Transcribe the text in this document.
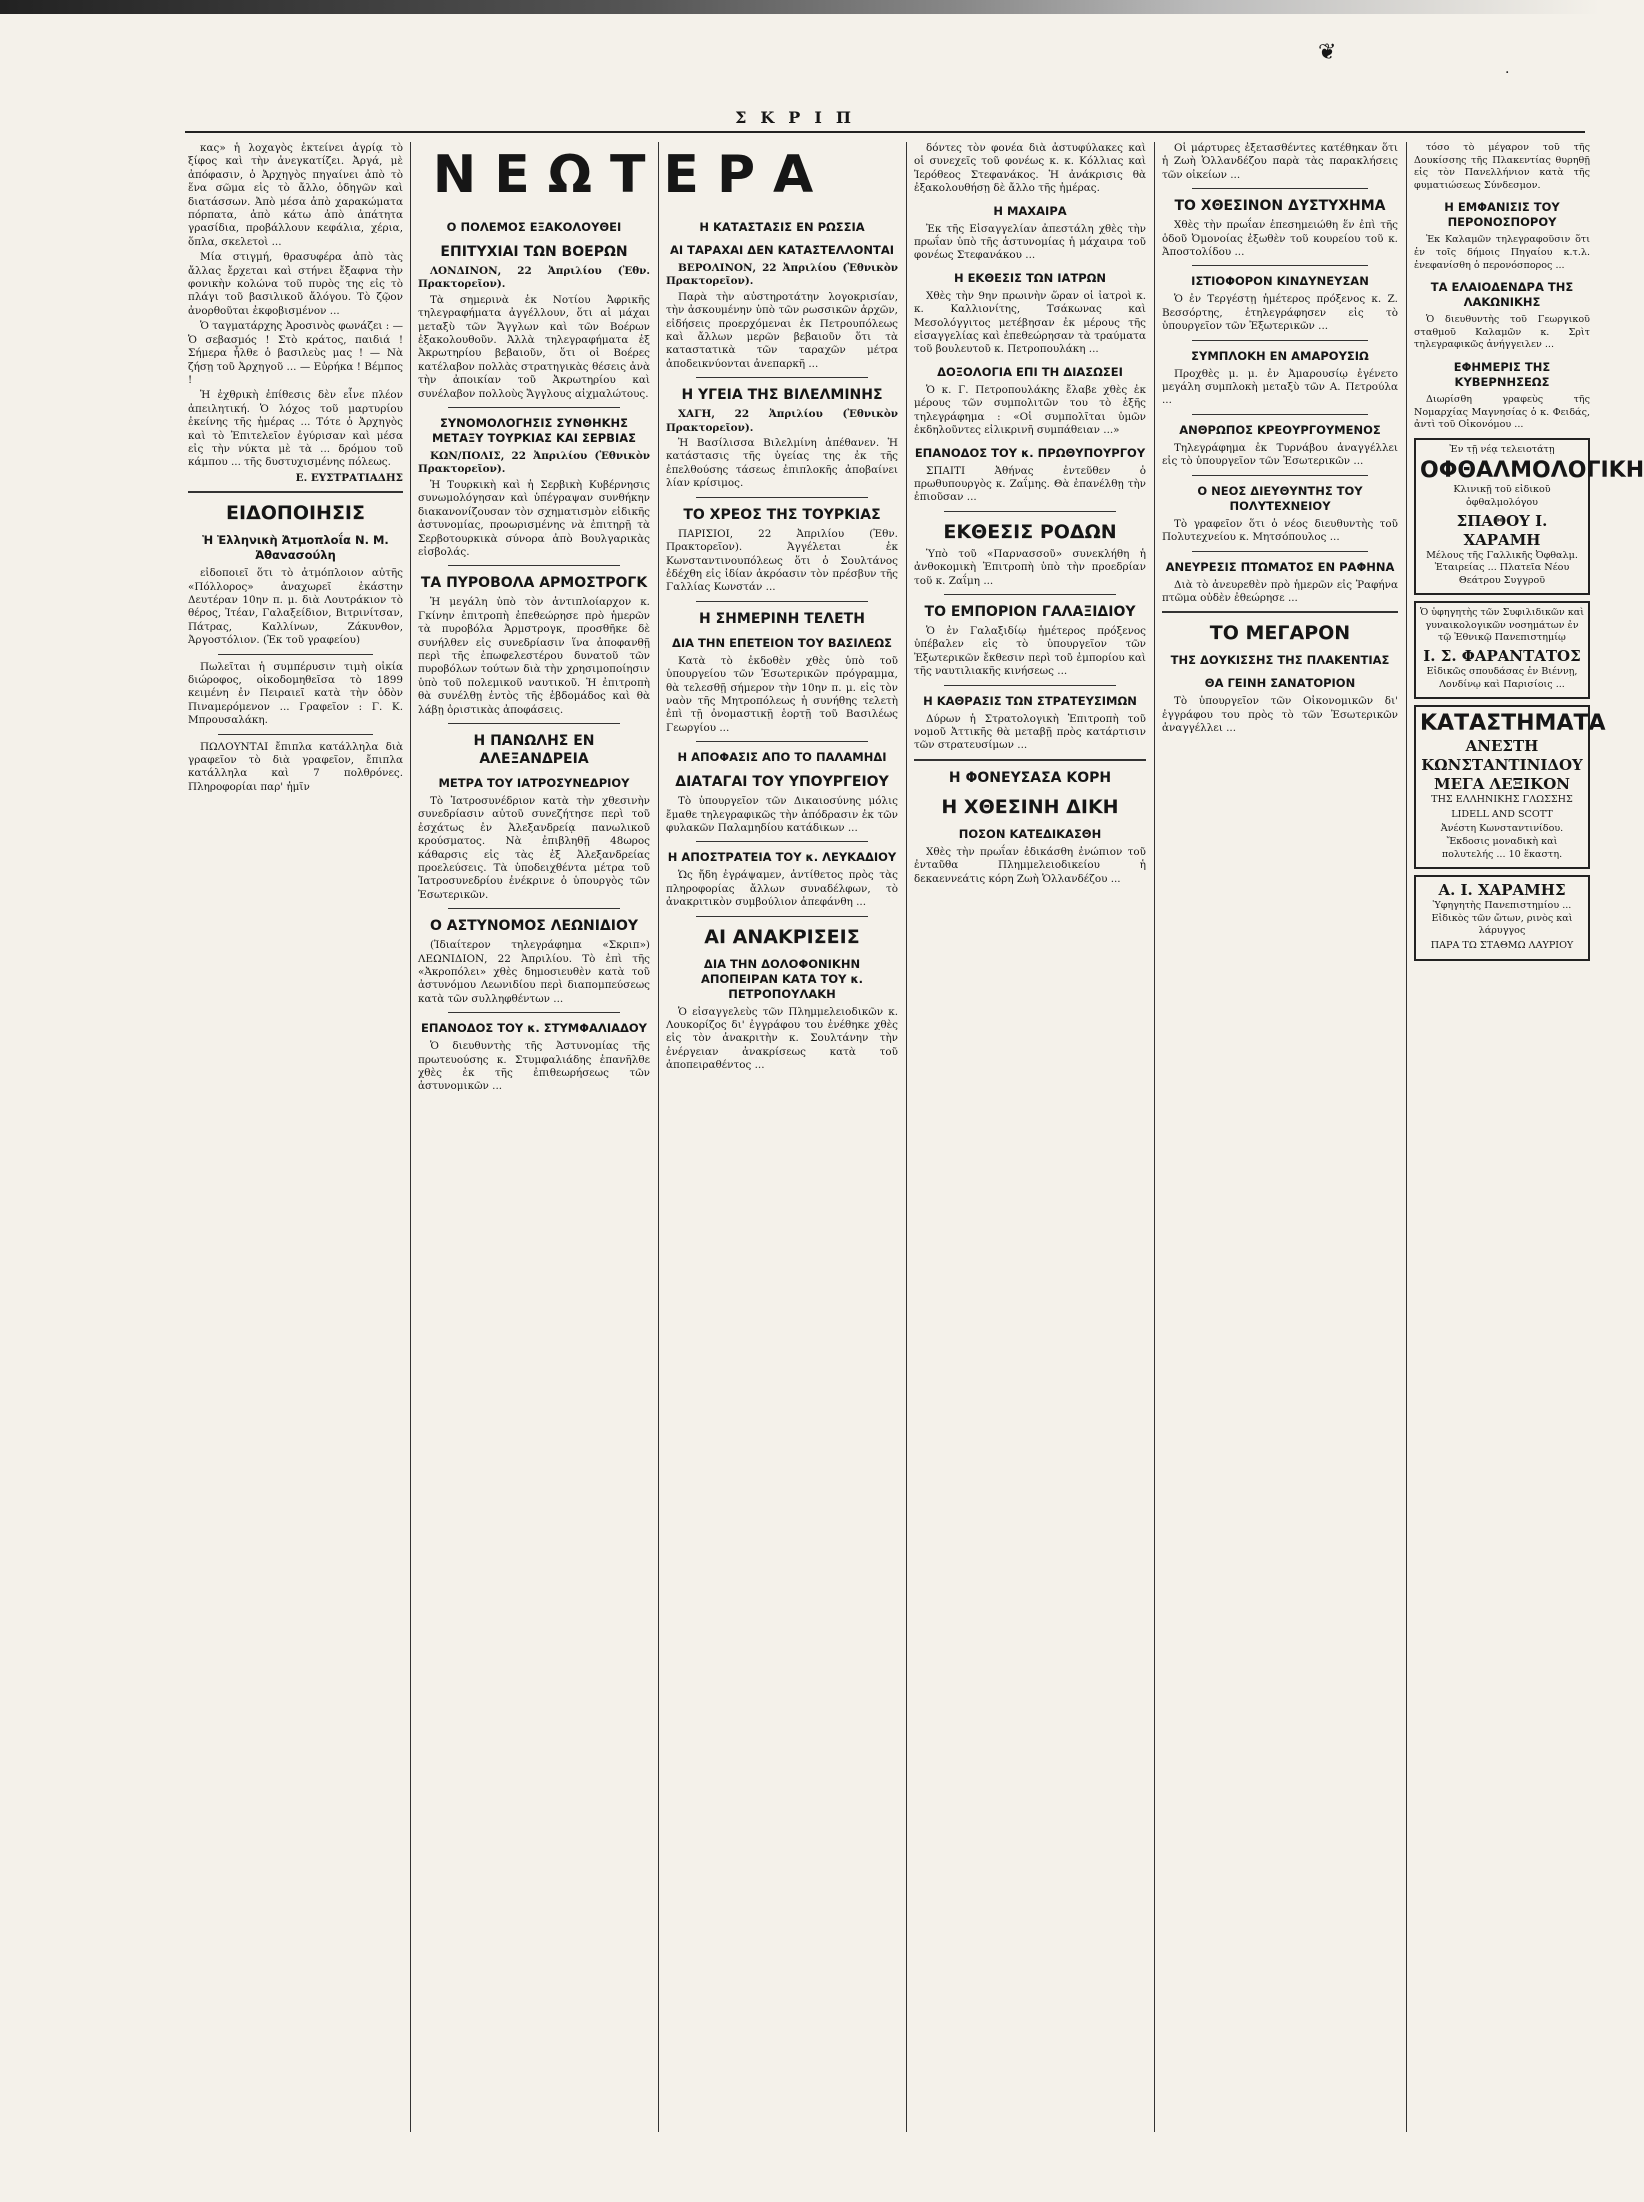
❦
·
ΣΚΡΙΠ
ΝΕΩΤΕΡΑ

κας» ἡ λοχαγὸς ἐκτείνει ἀγρίᾳ τὸ ξίφος καὶ τὴν ἀνεγκατίζει. Ἀργά, μὲ ἀπόφασιν, ὁ Ἀρχηγὸς πηγαίνει ἀπὸ τὸ ἕνα σῶμα εἰς τὸ ἄλλο, ὁδηγῶν καὶ διατάσσων. Ἀπὸ μέσα ἀπὸ χαρακώματα πόρπατα, ἀπὸ κάτω ἀπὸ ἀπάτητα γρασίδια, προβάλλουν κεφάλια, χέρια, ὅπλα, σκελετοὶ ...

Μία στιγμή, θρασυφέρα ἀπὸ τὰς ἄλλας ἔρχεται καὶ στήνει ἔξαφνα τὴν φονικὴν κολώνα τοῦ πυρὸς της εἰς τὸ πλάγι τοῦ βασιλικοῦ ἄλόγου. Τὸ ζῷον ἀνορθοῦται ἐκφοβισμένον ...

Ὁ ταγματάρχης Ἀροσινὸς φωνάζει : — Ὁ σεβασμός ! Στὸ κράτος, παιδιά ! Σήμερα ἦλθε ὁ βασιλεὺς μας ! — Νὰ ζήσῃ τοῦ Ἀρχηγοῦ ... — Εὐρήκα ! Βέμπος !

Ἡ ἐχθρικὴ ἐπίθεσις δὲν εἶνε πλέον ἀπειλητική. Ὁ λόχος τοῦ μαρτυρίου ἐκείνης τῆς ἡμέρας ... Τότε ὁ Ἀρχηγὸς καὶ τὸ Ἐπιτελεῖον ἐγύρισαν καὶ μέσα εἰς τὴν νύκτα μὲ τὰ ... δρόμου τοῦ κάμπου ... τῆς δυστυχισμένης πόλεως.

Ε. ΕΥΣΤΡΑΤΙΑΔΗΣ

ΕΙΔΟΠΟΙΗΣΙΣ
Ἡ Ἑλληνικὴ Ἀτμοπλοΐα Ν. Μ. Ἀθανασούλη

εἰδοποιεῖ ὅτι τὸ ἀτμόπλοιον αὐτῆς «Πόλλορος» ἀναχωρεῖ ἑκάστην Δευτέραν 10ην π. μ. διὰ Λουτράκιον τὸ θέρος, Ἰτέαν, Γαλαξείδιον, Βιτρινίτσαν, Πάτρας, Καλλίνων, Ζάκυνθον, Ἀργοστόλιον. (Ἐκ τοῦ γραφείου)

Πωλεῖται ἡ συμπέρυσιν τιμὴ οἰκία διώροφος, οἰκοδομηθεῖσα τὸ 1899 κειμένη ἐν Πειραιεῖ κατὰ τὴν ὁδὸν Πιναμερόμενον ... Γραφεῖον : Γ. Κ. Μπρουσαλάκη.

ΠΩΛΟΥΝΤΑΙ ἔπιπλα κατάλληλα διὰ γραφεῖον τὸ διὰ γραφεῖον, ἔπιπλα κατάλληλα καὶ 7 πολθρόνες. Πληροφορίαι παρ' ἡμῖν

Ο ΠΟΛΕΜΟΣ ΕΞΑΚΟΛΟΥΘΕΙ
ΕΠΙΤΥΧΙΑΙ ΤΩΝ ΒΟΕΡΩΝ

ΛΟΝΔΙΝΟΝ, 22 Ἀπριλίου (Ἐθν. Πρακτορεῖον).

Τὰ σημερινὰ ἐκ Νοτίου Ἀφρικῆς τηλεγραφήματα ἀγγέλλουν, ὅτι αἱ μάχαι μεταξὺ τῶν Ἄγγλων καὶ τῶν Βοέρων ἐξακολουθοῦν. Ἀλλὰ τηλεγραφήματα ἐξ Ἀκρωτηρίου βεβαιοῦν, ὅτι οἱ Βοέρες κατέλαβον πολλὰς στρατηγικὰς θέσεις ἀνὰ τὴν ἀποικίαν τοῦ Ἀκρωτηρίου καὶ συνέλαβον πολλοὺς Ἄγγλους αἰχμαλώτους.

ΣΥΝΟΜΟΛΟΓΗΣΙΣ ΣΥΝΘΗΚΗΣ ΜΕΤΑΞΥ ΤΟΥΡΚΙΑΣ ΚΑΙ ΣΕΡΒΙΑΣ

ΚΩΝ/ΠΟΛΙΣ, 22 Ἀπριλίου (Ἐθνικὸν Πρακτορεῖον).

Ἡ Τουρκικὴ καὶ ἡ Σερβικὴ Κυβέρνησις συνωμολόγησαν καὶ ὑπέγραψαν συνθήκην διακανονίζουσαν τὸν σχηματισμὸν εἰδικῆς ἀστυνομίας, προωρισμένης νὰ ἐπιτηρῇ τὰ Σερβοτουρκικὰ σύνορα ἀπὸ Βουλγαρικὰς εἰσβολάς.

ΤΑ ΠΥΡΟΒΟΛΑ ΑΡΜΟΣΤΡΟΓΚ

Ἡ μεγάλη ὑπὸ τὸν ἀντιπλοίαρχον κ. Γκίνην ἐπιτροπὴ ἐπεθεώρησε πρὸ ἡμερῶν τὰ πυροβόλα Ἀρμστρογκ, προσθῆκε δὲ συνήλθεν εἰς συνεδρίασιν ἵνα ἀποφανθῇ περὶ τῆς ἐπωφελεστέρου δυνατοῦ τῶν πυροβόλων τούτων διὰ τὴν χρησιμοποίησιν ὑπὸ τοῦ πολεμικοῦ ναυτικοῦ. Ἡ ἐπιτροπὴ θὰ συνέλθῃ ἐντὸς τῆς ἑβδομάδος καὶ θὰ λάβῃ ὁριστικὰς ἀποφάσεις.

Η ΠΑΝΩΛΗΣ ΕΝ ΑΛΕΞΑΝΔΡΕΙΑ
ΜΕΤΡΑ ΤΟΥ ΙΑΤΡΟΣΥΝΕΔΡΙΟΥ

Τὸ Ἰατροσυνέδριον κατὰ τὴν χθεσινὴν συνεδρίασιν αὐτοῦ συνεζήτησε περὶ τοῦ ἐσχάτως ἐν Ἀλεξανδρείᾳ πανωλικοῦ κρούσματος. Νὰ ἐπιβληθῇ 48ωρος κάθαρσις εἰς τὰς ἐξ Ἀλεξανδρείας προελεύσεις. Τὰ ὑποδειχθέντα μέτρα τοῦ Ἰατροσυνεδρίου ἐνέκρινε ὁ ὑπουργὸς τῶν Ἐσωτερικῶν.

Ο ΑΣΤΥΝΟΜΟΣ ΛΕΩΝΙΔΙΟΥ

(Ἰδιαίτερον τηλεγράφημα «Σκριπ») ΛΕΩΝΙΔΙΟΝ, 22 Ἀπριλίου. Τὸ ἐπὶ τῆς «Ἀκροπόλει» χθὲς δημοσιευθὲν κατὰ τοῦ ἀστυνόμου Λεωνιδίου περὶ διαπομπεύσεως κατὰ τῶν συλληφθέντων ...

ΕΠΑΝΟΔΟΣ ΤΟΥ κ. ΣΤΥΜΦΑΛΙΑΔΟΥ

Ὁ διευθυντὴς τῆς Ἀστυνομίας τῆς πρωτευούσης κ. Στυμφαλιάδης ἐπανῆλθε χθὲς ἐκ τῆς ἐπιθεωρήσεως τῶν ἀστυνομικῶν ...

Η ΚΑΤΑΣΤΑΣΙΣ ΕΝ ΡΩΣΣΙΑ
ΑΙ ΤΑΡΑΧΑΙ ΔΕΝ ΚΑΤΑΣΤΕΛΛΟΝΤΑΙ

ΒΕΡΟΛΙΝΟΝ, 22 Ἀπριλίου (Ἐθνικὸν Πρακτορεῖον).

Παρὰ τὴν αὐστηροτάτην λογοκρισίαν, τὴν ἀσκουμένην ὑπὸ τῶν ρωσσικῶν ἀρχῶν, εἰδήσεις προερχόμεναι ἐκ Πετρουπόλεως καὶ ἄλλων μερῶν βεβαιοῦν ὅτι τὰ καταστατικὰ τῶν ταραχῶν μέτρα ἀποδεικνύονται ἀνεπαρκῆ ...

Η ΥΓΕΙΑ ΤΗΣ ΒΙΛΕΛΜΙΝΗΣ

ΧΑΓΗ, 22 Ἀπριλίου (Ἐθνικὸν Πρακτορεῖον).

Ἡ Βασίλισσα Βιλελμίνη ἀπέθανεν. Ἡ κατάστασις τῆς ὑγείας της ἐκ τῆς ἐπελθούσης τάσεως ἐπιπλοκῆς ἀποβαίνει λίαν κρίσιμος.

ΤΟ ΧΡΕΟΣ ΤΗΣ ΤΟΥΡΚΙΑΣ

ΠΑΡΙΣΙΟΙ, 22 Ἀπριλίου (Ἐθν. Πρακτορεῖον). Ἀγγέλεται ἐκ Κωνσταντινουπόλεως ὅτι ὁ Σουλτάνος ἐδέχθη εἰς ἰδίαν ἀκρόασιν τὸν πρέσβυν τῆς Γαλλίας Κωνστάν ...

Η ΣΗΜΕΡΙΝΗ ΤΕΛΕΤΗ
ΔΙΑ ΤΗΝ ΕΠΕΤΕΙΟΝ ΤΟΥ ΒΑΣΙΛΕΩΣ

Κατὰ τὸ ἐκδοθὲν χθὲς ὑπὸ τοῦ ὑπουργείου τῶν Ἐσωτερικῶν πρόγραμμα, θὰ τελεσθῇ σήμερον τὴν 10ην π. μ. εἰς τὸν ναὸν τῆς Μητροπόλεως ἡ συνήθης τελετὴ ἐπὶ τῇ ὀνομαστικῇ ἑορτῇ τοῦ Βασιλέως Γεωργίου ...

Η ΑΠΟΦΑΣΙΣ ΑΠΟ ΤΟ ΠΑΛΑΜΗΔΙ
ΔΙΑΤΑΓΑΙ ΤΟΥ ΥΠΟΥΡΓΕΙΟΥ

Τὸ ὑπουργεῖον τῶν Δικαιοσύνης μόλις ἔμαθε τηλεγραφικῶς τὴν ἀπόδρασιν ἐκ τῶν φυλακῶν Παλαμηδίου κατάδικων ...

Η ΑΠΟΣΤΡΑΤΕΙΑ ΤΟΥ κ. ΛΕΥΚΑΔΙΟΥ

Ὡς ἤδη ἐγράψαμεν, ἀντίθετος πρὸς τὰς πληροφορίας ἄλλων συναδέλφων, τὸ ἀνακριτικὸν συμβούλιον ἀπεφάνθη ...

ΑΙ ΑΝΑΚΡΙΣΕΙΣ
ΔΙΑ ΤΗΝ ΔΟΛΟΦΟΝΙΚΗΝ ΑΠΟΠΕΙΡΑΝ ΚΑΤΑ ΤΟΥ κ. ΠΕΤΡΟΠΟΥΛΑΚΗ

Ὁ εἰσαγγελεὺς τῶν Πλημμελειοδικῶν κ. Λουκορίζος δι' ἐγγράφου του ἐνέθηκε χθὲς εἰς τὸν ἀνακριτὴν κ. Σουλτάνην τὴν ἐνέργειαν ἀνακρίσεως κατὰ τοῦ ἀποπειραθέντος ...

δόντες τὸν φονέα διὰ ἀστυφύλακες καὶ οἱ συνεχεῖς τοῦ φονέως κ. κ. Κόλλιας καὶ Ἰερόθεος Στεφανάκος. Ἡ ἀνάκρισις θὰ ἐξακολουθήσῃ δὲ ἄλλο τῆς ἡμέρας.

Η ΜΑΧΑΙΡΑ

Ἐκ τῆς Εἰσαγγελίαν ἀπεστάλη χθὲς τὴν πρωΐαν ὑπὸ τῆς ἀστυνομίας ἡ μάχαιρα τοῦ φονέως Στεφανάκου ...

Η ΕΚΘΕΣΙΣ ΤΩΝ ΙΑΤΡΩΝ

Χθὲς τὴν 9ην πρωινὴν ὥραν οἱ ἰατροὶ κ. κ. Καλλιονίτης, Τσάκωνας καὶ Μεσολόγγιτος μετέβησαν ἐκ μέρους τῆς εἰσαγγελίας καὶ ἐπεθεώρησαν τὰ τραύματα τοῦ βουλευτοῦ κ. Πετροπουλάκη ...

ΔΟΞΟΛΟΓΙΑ ΕΠΙ ΤΗ ΔΙΑΣΩΣΕΙ

Ὁ κ. Γ. Πετροπουλάκης ἔλαβε χθὲς ἐκ μέρους τῶν συμπολιτῶν του τὸ ἑξῆς τηλεγράφημα : «Οἱ συμπολῖται ὑμῶν ἐκδηλοῦντες εἰλικρινῆ συμπάθειαν ...»

ΕΠΑΝΟΔΟΣ ΤΟΥ κ. ΠΡΩΘΥΠΟΥΡΓΟΥ

ΣΠΑΙΤΙ Ἀθήνας ἐντεῦθεν ὁ πρωθυπουργὸς κ. Ζαΐμης. Θὰ ἐπανέλθῃ τὴν ἐπιοῦσαν ...

ΕΚΘΕΣΙΣ ΡΟΔΩΝ

Ὑπὸ τοῦ «Παρνασσοῦ» συνεκλήθη ἡ ἀνθοκομικὴ Ἐπιτροπὴ ὑπὸ τὴν προεδρίαν τοῦ κ. Ζαΐμη ...

ΤΟ ΕΜΠΟΡΙΟΝ ΓΑΛΑΞΙΔΙΟΥ

Ὁ ἐν Γαλαξιδίῳ ἡμέτερος πρόξενος ὑπέβαλεν εἰς τὸ ὑπουργεῖον τῶν Ἐξωτερικῶν ἔκθεσιν περὶ τοῦ ἐμπορίου καὶ τῆς ναυτιλιακῆς κινήσεως ...

Η ΚΑΘΡΑΣΙΣ ΤΩΝ ΣΤΡΑΤΕΥΣΙΜΩΝ

Δύρων ἡ Στρατολογικὴ Ἐπιτροπὴ τοῦ νομοῦ Ἀττικῆς θὰ μεταβῇ πρὸς κατάρτισιν τῶν στρατευσίμων ...

Η ΦΟΝΕΥΣΑΣΑ ΚΟΡΗ
Η ΧΘΕΣΙΝΗ ΔΙΚΗ
ΠΟΣΟΝ ΚΑΤΕΔΙΚΑΣΘΗ

Χθὲς τὴν πρωΐαν ἐδικάσθη ἐνώπιον τοῦ ἐνταῦθα Πλημμελειοδικείου ἡ δεκαεννεάτις κόρη Ζωὴ Ὁλλανδέζου ...

Οἱ μάρτυρες ἐξετασθέντες κατέθηκαν ὅτι ἡ Ζωὴ Ὁλλανδέζου παρὰ τὰς παρακλήσεις τῶν οἰκείων ...

ΤΟ ΧΘΕΣΙΝΟΝ ΔΥΣΤΥΧΗΜΑ

Χθὲς τὴν πρωΐαν ἐπεσημειώθη ἕν ἐπὶ τῆς ὁδοῦ Ὀμονοίας ἐξωθὲν τοῦ κουρείου τοῦ κ. Ἀποστολίδου ...

ΙΣΤΙΟΦΟΡΟΝ ΚΙΝΔΥΝΕΥΣΑΝ

Ὁ ἐν Τεργέστῃ ἡμέτερος πρόξενος κ. Ζ. Βεσσόρτης, ἐτηλεγράφησεν εἰς τὸ ὑπουργεῖον τῶν Ἐξωτερικῶν ...

ΣΥΜΠΛΟΚΗ ΕΝ ΑΜΑΡΟΥΣΙΩ

Προχθὲς μ. μ. ἐν Ἀμαρουσίῳ ἐγένετο μεγάλη συμπλοκὴ μεταξὺ τῶν Α. Πετρούλα ...

ΑΝΘΡΩΠΟΣ ΚΡΕΟΥΡΓΟΥΜΕΝΟΣ

Τηλεγράφημα ἐκ Τυρνάβου ἀναγγέλλει εἰς τὸ ὑπουργεῖον τῶν Ἐσωτερικῶν ...

Ο ΝΕΟΣ ΔΙΕΥΘΥΝΤΗΣ ΤΟΥ ΠΟΛΥΤΕΧΝΕΙΟΥ

Τὸ γραφεῖον ὅτι ὁ νέος διευθυντὴς τοῦ Πολυτεχνείου κ. Μητσόπουλος ...

ΑΝΕΥΡΕΣΙΣ ΠΤΩΜΑΤΟΣ ΕΝ ΡΑΦΗΝΑ

Διὰ τὸ ἀνευρεθὲν πρὸ ἡμερῶν εἰς Ῥαφήνα πτῶμα οὐδὲν ἐθεώρησε ...

ΤΟ ΜΕΓΑΡΟΝ
ΤΗΣ ΔΟΥΚΙΣΣΗΣ ΤΗΣ ΠΛΑΚΕΝΤΙΑΣ
ΘΑ ΓΕΙΝΗ ΣΑΝΑΤΟΡΙΟΝ

Τὸ ὑπουργεῖον τῶν Οἰκονομικῶν δι' ἐγγράφου του πρὸς τὸ τῶν Ἐσωτερικῶν ἀναγγέλλει ...

τόσο τὸ μέγαρον τοῦ τῆς Δουκίσσης τῆς Πλακεντίας θυρηθῇ εἰς τὸν Πανελλήνιον κατὰ τῆς φυματιώσεως Σύνδεσμον.

Η ΕΜΦΑΝΙΣΙΣ ΤΟΥ ΠΕΡΟΝΟΣΠΟΡΟΥ

Ἐκ Καλαμῶν τηλεγραφοῦσιν ὅτι ἐν τοῖς δήμοις Πηγαίου κ.τ.λ. ἐνεφανίσθη ὁ περονόσπορος ...

ΤΑ ΕΛΑΙΟΔΕΝΔΡΑ ΤΗΣ ΛΑΚΩΝΙΚΗΣ

Ὁ διευθυντὴς τοῦ Γεωργικοῦ σταθμοῦ Καλαμῶν κ. Σρὶτ τηλεγραφικῶς ἀνήγγειλεν ...

ΕΦΗΜΕΡΙΣ ΤΗΣ ΚΥΒΕΡΝΗΣΕΩΣ

Διωρίσθη γραφεὺς τῆς Νομαρχίας Μαγνησίας ὁ κ. Φειδάς, ἀντὶ τοῦ Οἰκονόμου ...

Ἐν τῇ νέᾳ τελειοτάτῃ

ΟΦΘΑΛΜΟΛΟΓΙΚΗ

Κλινικῇ τοῦ εἰδικοῦ ὀφθαλμολόγου

ΣΠΑΘΟΥ Ι. ΧΑΡΑΜΗ

Μέλους τῆς Γαλλικῆς Ὀφθαλμ. Ἑταιρείας ... Πλατεῖα Νέου Θεάτρου Συγγροῦ

Ὁ ὑφηγητὴς τῶν Συφιλιδικῶν καὶ γυναικολογικῶν νοσημάτων ἐν τῷ Ἐθνικῷ Πανεπιστημίῳ

Ι. Σ. ΦΑΡΑΝΤΑΤΟΣ

Εἰδικῶς σπουδάσας ἐν Βιέννῃ, Λονδίνῳ καὶ Παρισίοις ...

ΚΑΤΑΣΤΗΜΑΤΑ
ΑΝΕΣΤΗ ΚΩΝΣΤΑΝΤΙΝΙΔΟΥ
ΜΕΓΑ ΛΕΞΙΚΟΝ

ΤΗΣ ΕΛΛΗΝΙΚΗΣ ΓΛΩΣΣΗΣ

LIDELL AND SCOTT

Ἀνέστη Κωνσταντινίδου. Ἔκδοσις μοναδικὴ καὶ πολυτελής ... 10 ἕκαστη.

Α. Ι. ΧΑΡΑΜΗΣ

Ὑφηγητὴς Πανεπιστημίου ... Εἰδικὸς τῶν ὤτων, ρινὸς καὶ λάρυγγος

ΠΑΡΑ ΤΩ ΣΤΑΘΜΩ ΛΑΥΡΙΟΥ
